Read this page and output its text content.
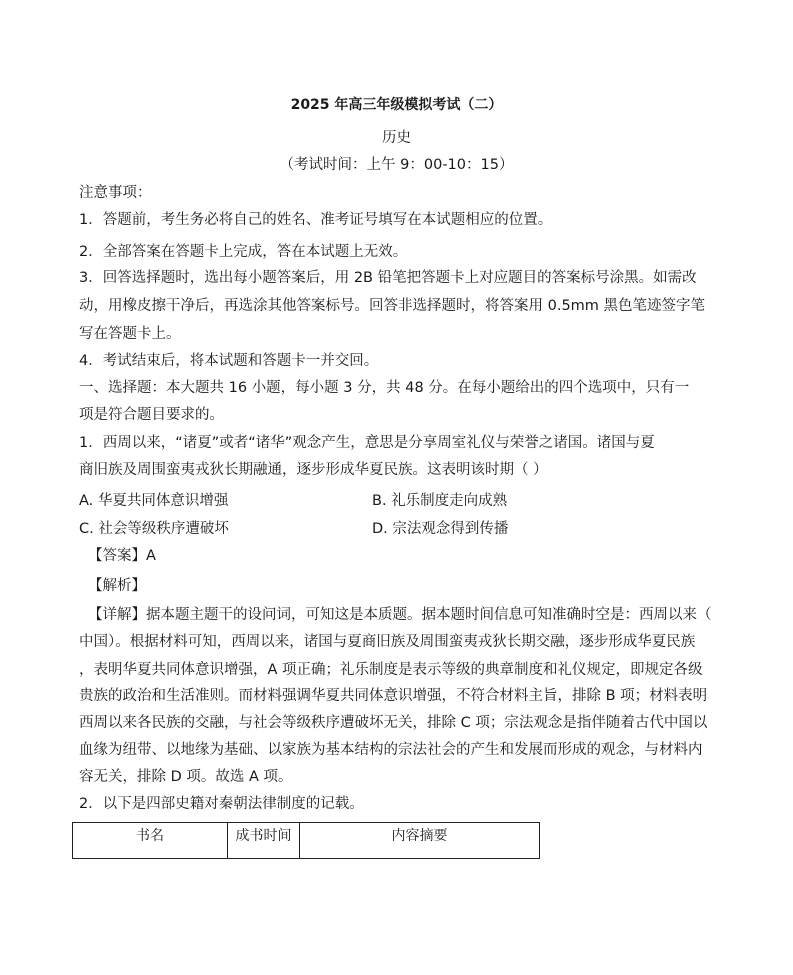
2025 年高三年级模拟考试（二）
历史
（考试时间：上午 9：00-10：15）
注意事项：
1．答题前，考生务必将自己的姓名、准考证号填写在本试题相应的位置。
2．全部答案在答题卡上完成，答在本试题上无效。
3．回答选择题时，选出每小题答案后，用 2B 铅笔把答题卡上对应题目的答案标号涂黑。如需改
动，用橡皮擦干净后，再选涂其他答案标号。回答非选择题时，将答案用 0.5mm 黑色笔迹签字笔
写在答题卡上。
4．考试结束后，将本试题和答题卡一并交回。
一、选择题：本大题共 16 小题，每小题 3 分，共 48 分。在每小题给出的四个选项中，只有一
项是符合题目要求的。
1．西周以来，“诸夏”或者“诸华”观念产生，意思是分享周室礼仪与荣誉之诸国。诸国与夏
商旧族及周围蛮夷戎狄长期融通，逐步形成华夏民族。这表明该时期（ ）
A. 华夏共同体意识增强	B. 礼乐制度走向成熟
C. 社会等级秩序遭破坏	D. 宗法观念得到传播
【答案】A
【解析】
【详解】据本题主题干的设问词，可知这是本质题。据本题时间信息可知准确时空是：西周以来（
中国）。根据材料可知，西周以来，诸国与夏商旧族及周围蛮夷戎狄长期交融，逐步形成华夏民族
，表明华夏共同体意识增强，A 项正确；礼乐制度是表示等级的典章制度和礼仪规定，即规定各级
贵族的政治和生活准则。而材料强调华夏共同体意识增强，不符合材料主旨，排除 B 项；材料表明
西周以来各民族的交融，与社会等级秩序遭破坏无关，排除 C 项；宗法观念是指伴随着古代中国以
血缘为纽带、以地缘为基础、以家族为基本结构的宗法社会的产生和发展而形成的观念，与材料内
容无关，排除 D 项。故选 A 项。
2．以下是四部史籍对秦朝法律制度的记载。
书名	成书时间	内容摘要
